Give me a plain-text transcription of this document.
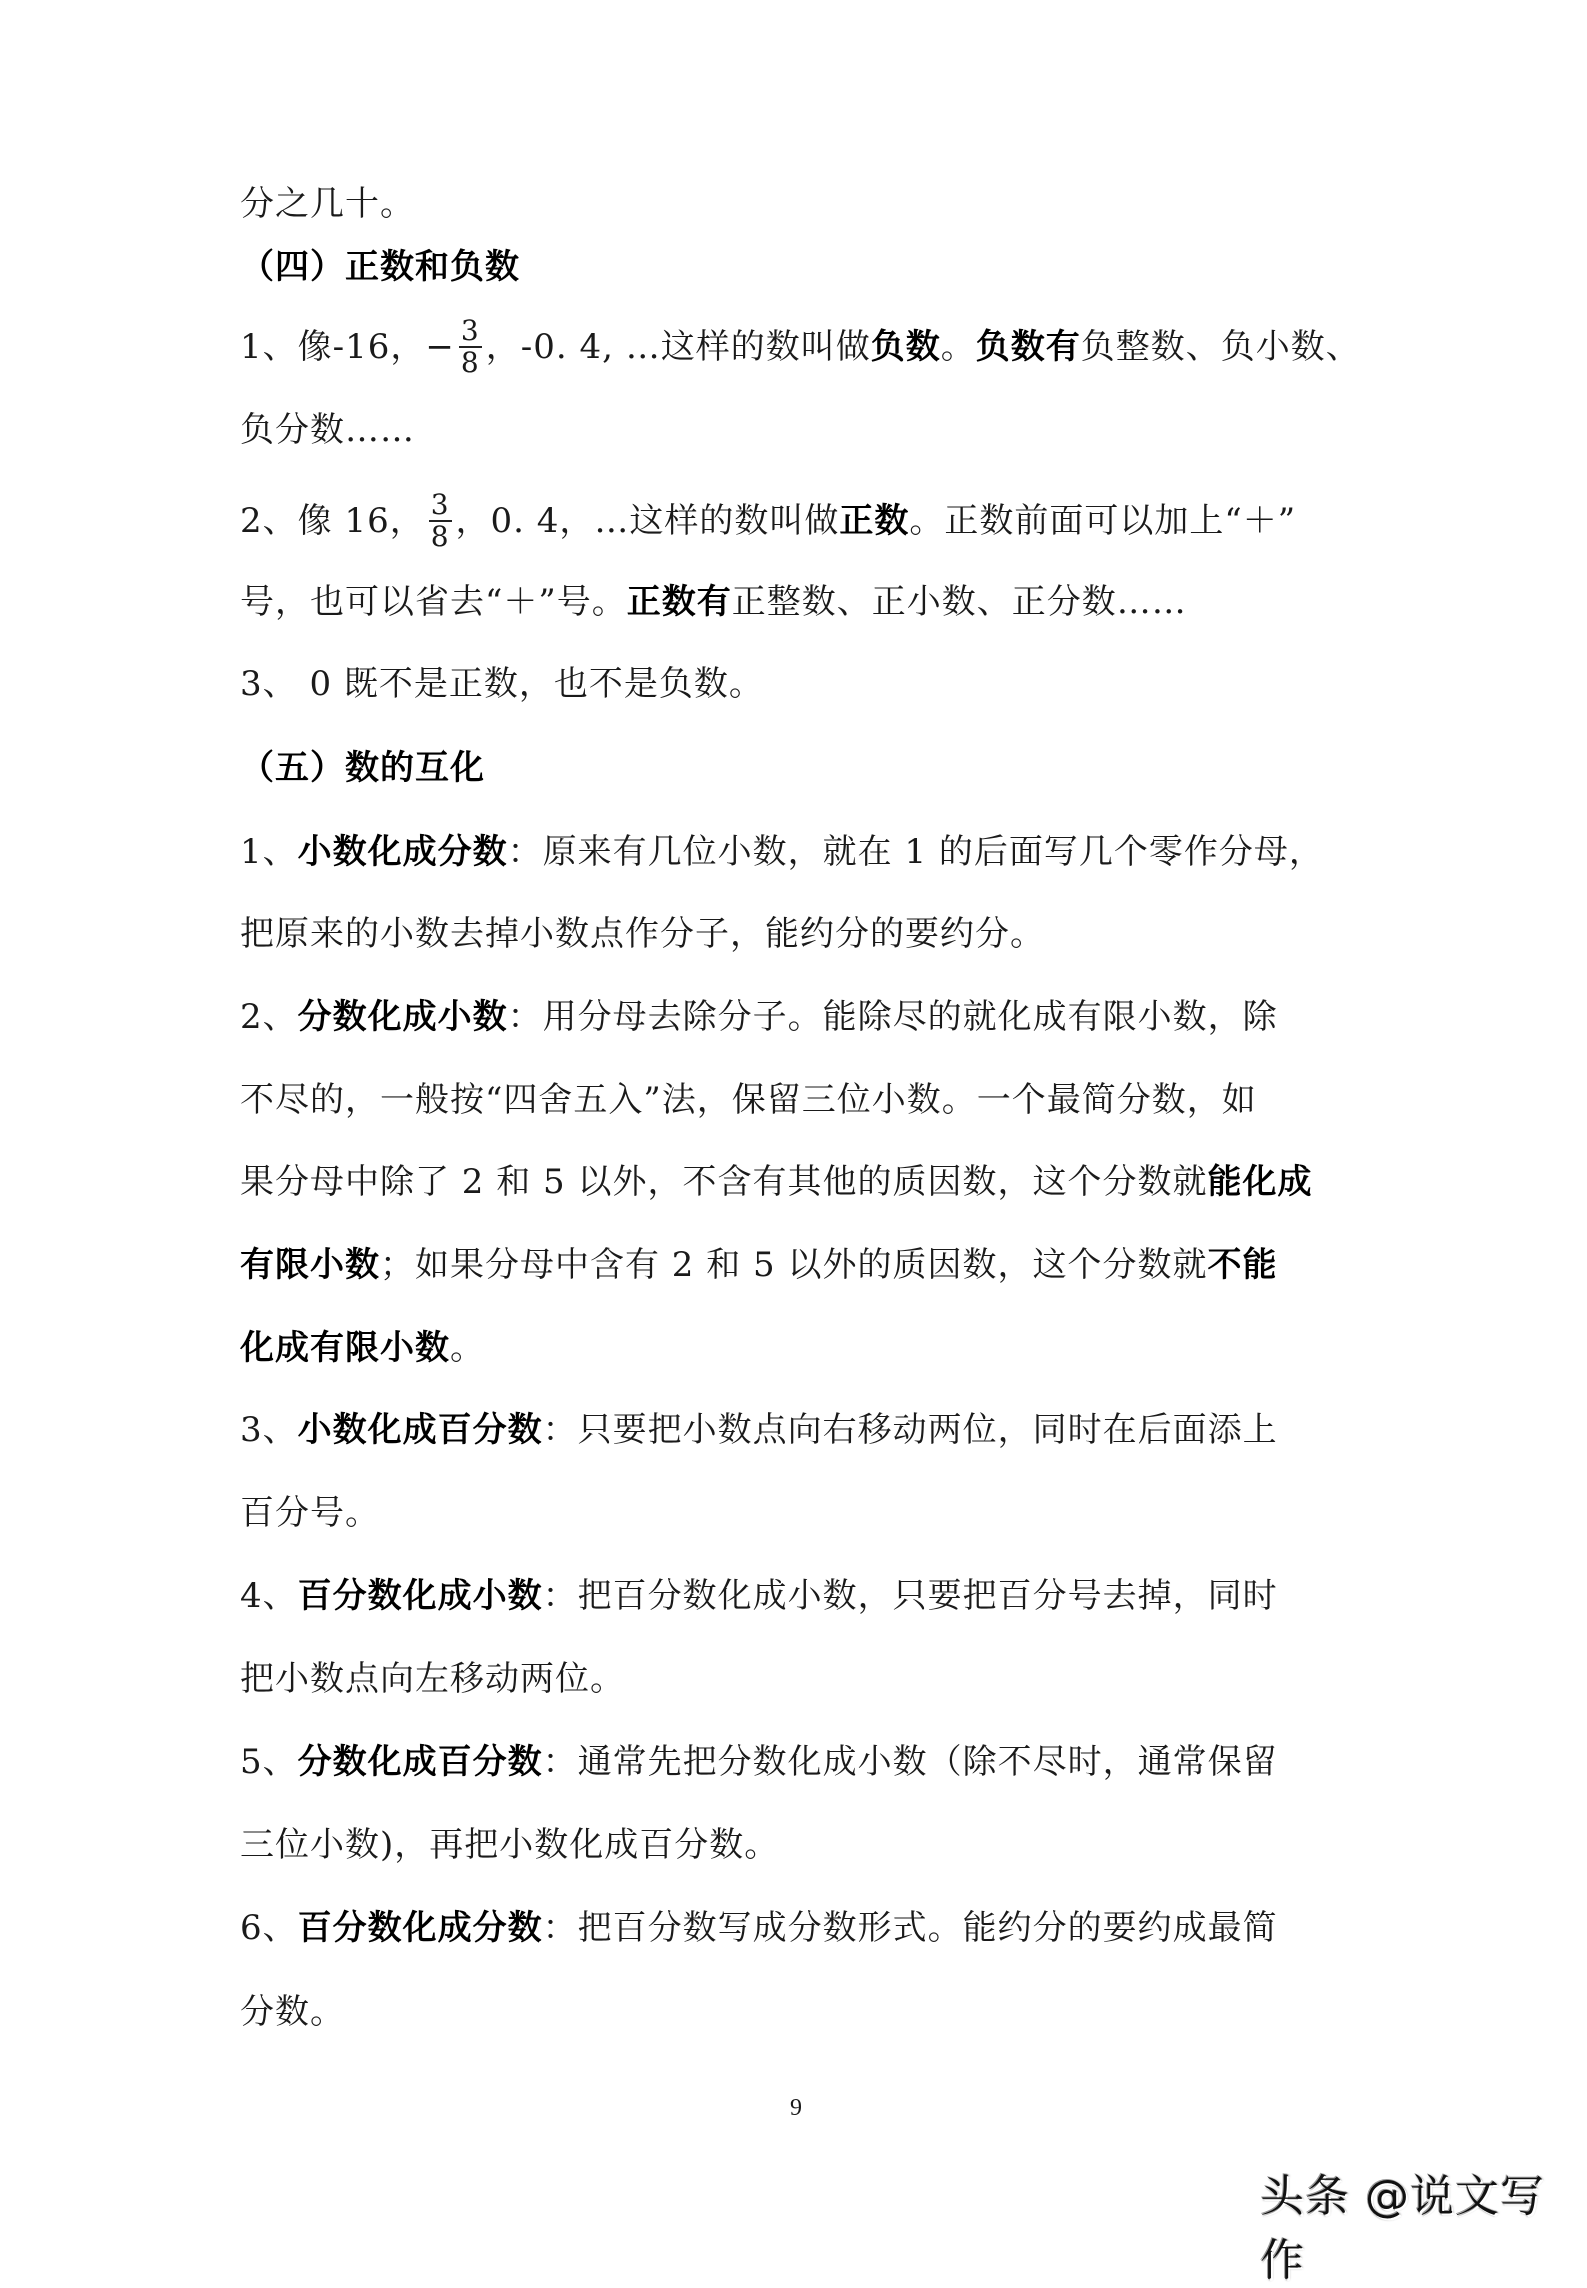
分之几十。
（四）正数和负数
1、像-16，− $\frac{3}{8}$ ，-0. 4, …这样的数叫做负数。负数有负整数、负小数、
负分数……
2、像 16， $\frac{3}{8}$ ，0. 4，…这样的数叫做正数。正数前面可以加上“＋”
号，也可以省去“＋”号。正数有正整数、正小数、正分数……
3、 0 既不是正数，也不是负数。
（五）数的互化
1、小数化成分数：原来有几位小数，就在 1 的后面写几个零作分母，
把原来的小数去掉小数点作分子，能约分的要约分。
2、分数化成小数：用分母去除分子。能除尽的就化成有限小数，除
不尽的，一般按“四舍五入”法，保留三位小数。一个最简分数，如
果分母中除了 2 和 5 以外，不含有其他的质因数，这个分数就能化成
有限小数；如果分母中含有 2 和 5 以外的质因数，这个分数就不能
化成有限小数。
3、小数化成百分数：只要把小数点向右移动两位，同时在后面添上
百分号。
4、百分数化成小数：把百分数化成小数，只要把百分号去掉，同时
把小数点向左移动两位。
5、分数化成百分数：通常先把分数化成小数（除不尽时，通常保留
三位小数)，再把小数化成百分数。
6、百分数化成分数：把百分数写成分数形式。能约分的要约成最简
分数。
9
头条 @说文写作
